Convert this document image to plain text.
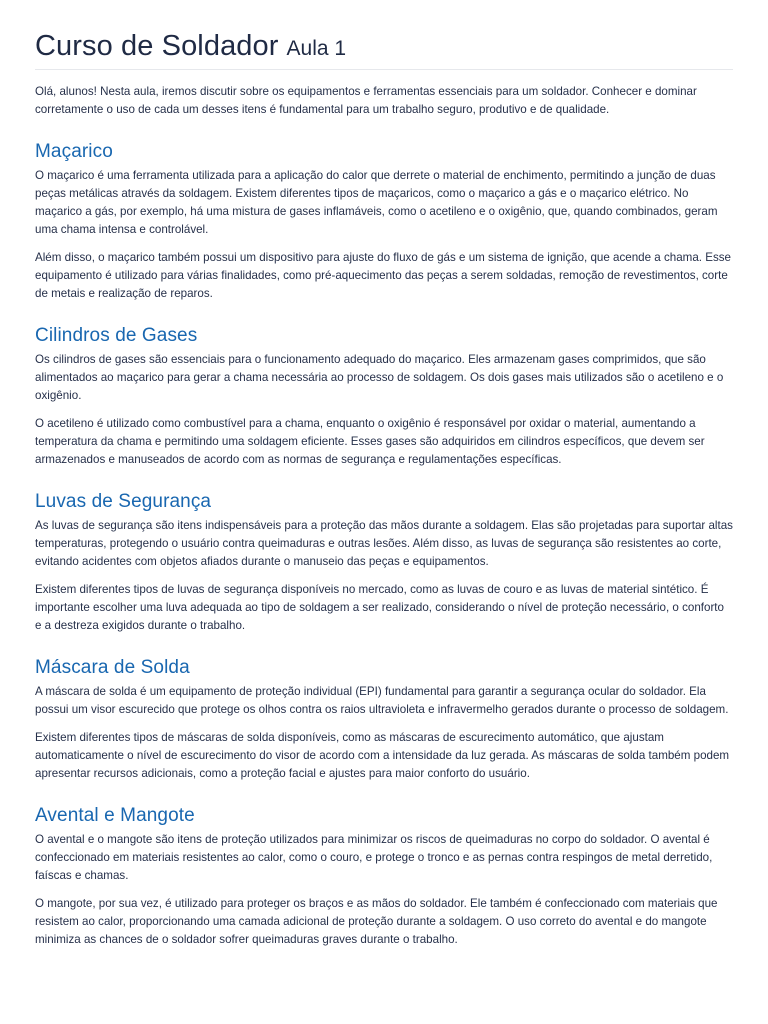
Curso de Soldador Aula 1

Olá, alunos! Nesta aula, iremos discutir sobre os equipamentos e ferramentas essenciais para um soldador. Conhecer e dominar corretamente o uso de cada um desses itens é fundamental para um trabalho seguro, produtivo e de qualidade.

Maçarico

O maçarico é uma ferramenta utilizada para a aplicação do calor que derrete o material de enchimento, permitindo a junção de duas peças metálicas através da soldagem. Existem diferentes tipos de maçaricos, como o maçarico a gás e o maçarico elétrico. No maçarico a gás, por exemplo, há uma mistura de gases inflamáveis, como o acetileno e o oxigênio, que, quando combinados, geram uma chama intensa e controlável.

Além disso, o maçarico também possui um dispositivo para ajuste do fluxo de gás e um sistema de ignição, que acende a chama. Esse equipamento é utilizado para várias finalidades, como pré-aquecimento das peças a serem soldadas, remoção de revestimentos, corte de metais e realização de reparos.

Cilindros de Gases

Os cilindros de gases são essenciais para o funcionamento adequado do maçarico. Eles armazenam gases comprimidos, que são alimentados ao maçarico para gerar a chama necessária ao processo de soldagem. Os dois gases mais utilizados são o acetileno e o oxigênio.

O acetileno é utilizado como combustível para a chama, enquanto o oxigênio é responsável por oxidar o material, aumentando a temperatura da chama e permitindo uma soldagem eficiente. Esses gases são adquiridos em cilindros específicos, que devem ser armazenados e manuseados de acordo com as normas de segurança e regulamentações específicas.

Luvas de Segurança

As luvas de segurança são itens indispensáveis para a proteção das mãos durante a soldagem. Elas são projetadas para suportar altas temperaturas, protegendo o usuário contra queimaduras e outras lesões. Além disso, as luvas de segurança são resistentes ao corte, evitando acidentes com objetos afiados durante o manuseio das peças e equipamentos.

Existem diferentes tipos de luvas de segurança disponíveis no mercado, como as luvas de couro e as luvas de material sintético. É importante escolher uma luva adequada ao tipo de soldagem a ser realizado, considerando o nível de proteção necessário, o conforto e a destreza exigidos durante o trabalho.

Máscara de Solda

A máscara de solda é um equipamento de proteção individual (EPI) fundamental para garantir a segurança ocular do soldador. Ela possui um visor escurecido que protege os olhos contra os raios ultravioleta e infravermelho gerados durante o processo de soldagem.

Existem diferentes tipos de máscaras de solda disponíveis, como as máscaras de escurecimento automático, que ajustam automaticamente o nível de escurecimento do visor de acordo com a intensidade da luz gerada. As máscaras de solda também podem apresentar recursos adicionais, como a proteção facial e ajustes para maior conforto do usuário.

Avental e Mangote

O avental e o mangote são itens de proteção utilizados para minimizar os riscos de queimaduras no corpo do soldador. O avental é confeccionado em materiais resistentes ao calor, como o couro, e protege o tronco e as pernas contra respingos de metal derretido, faíscas e chamas.

O mangote, por sua vez, é utilizado para proteger os braços e as mãos do soldador. Ele também é confeccionado com materiais que resistem ao calor, proporcionando uma camada adicional de proteção durante a soldagem. O uso correto do avental e do mangote minimiza as chances de o soldador sofrer queimaduras graves durante o trabalho.
